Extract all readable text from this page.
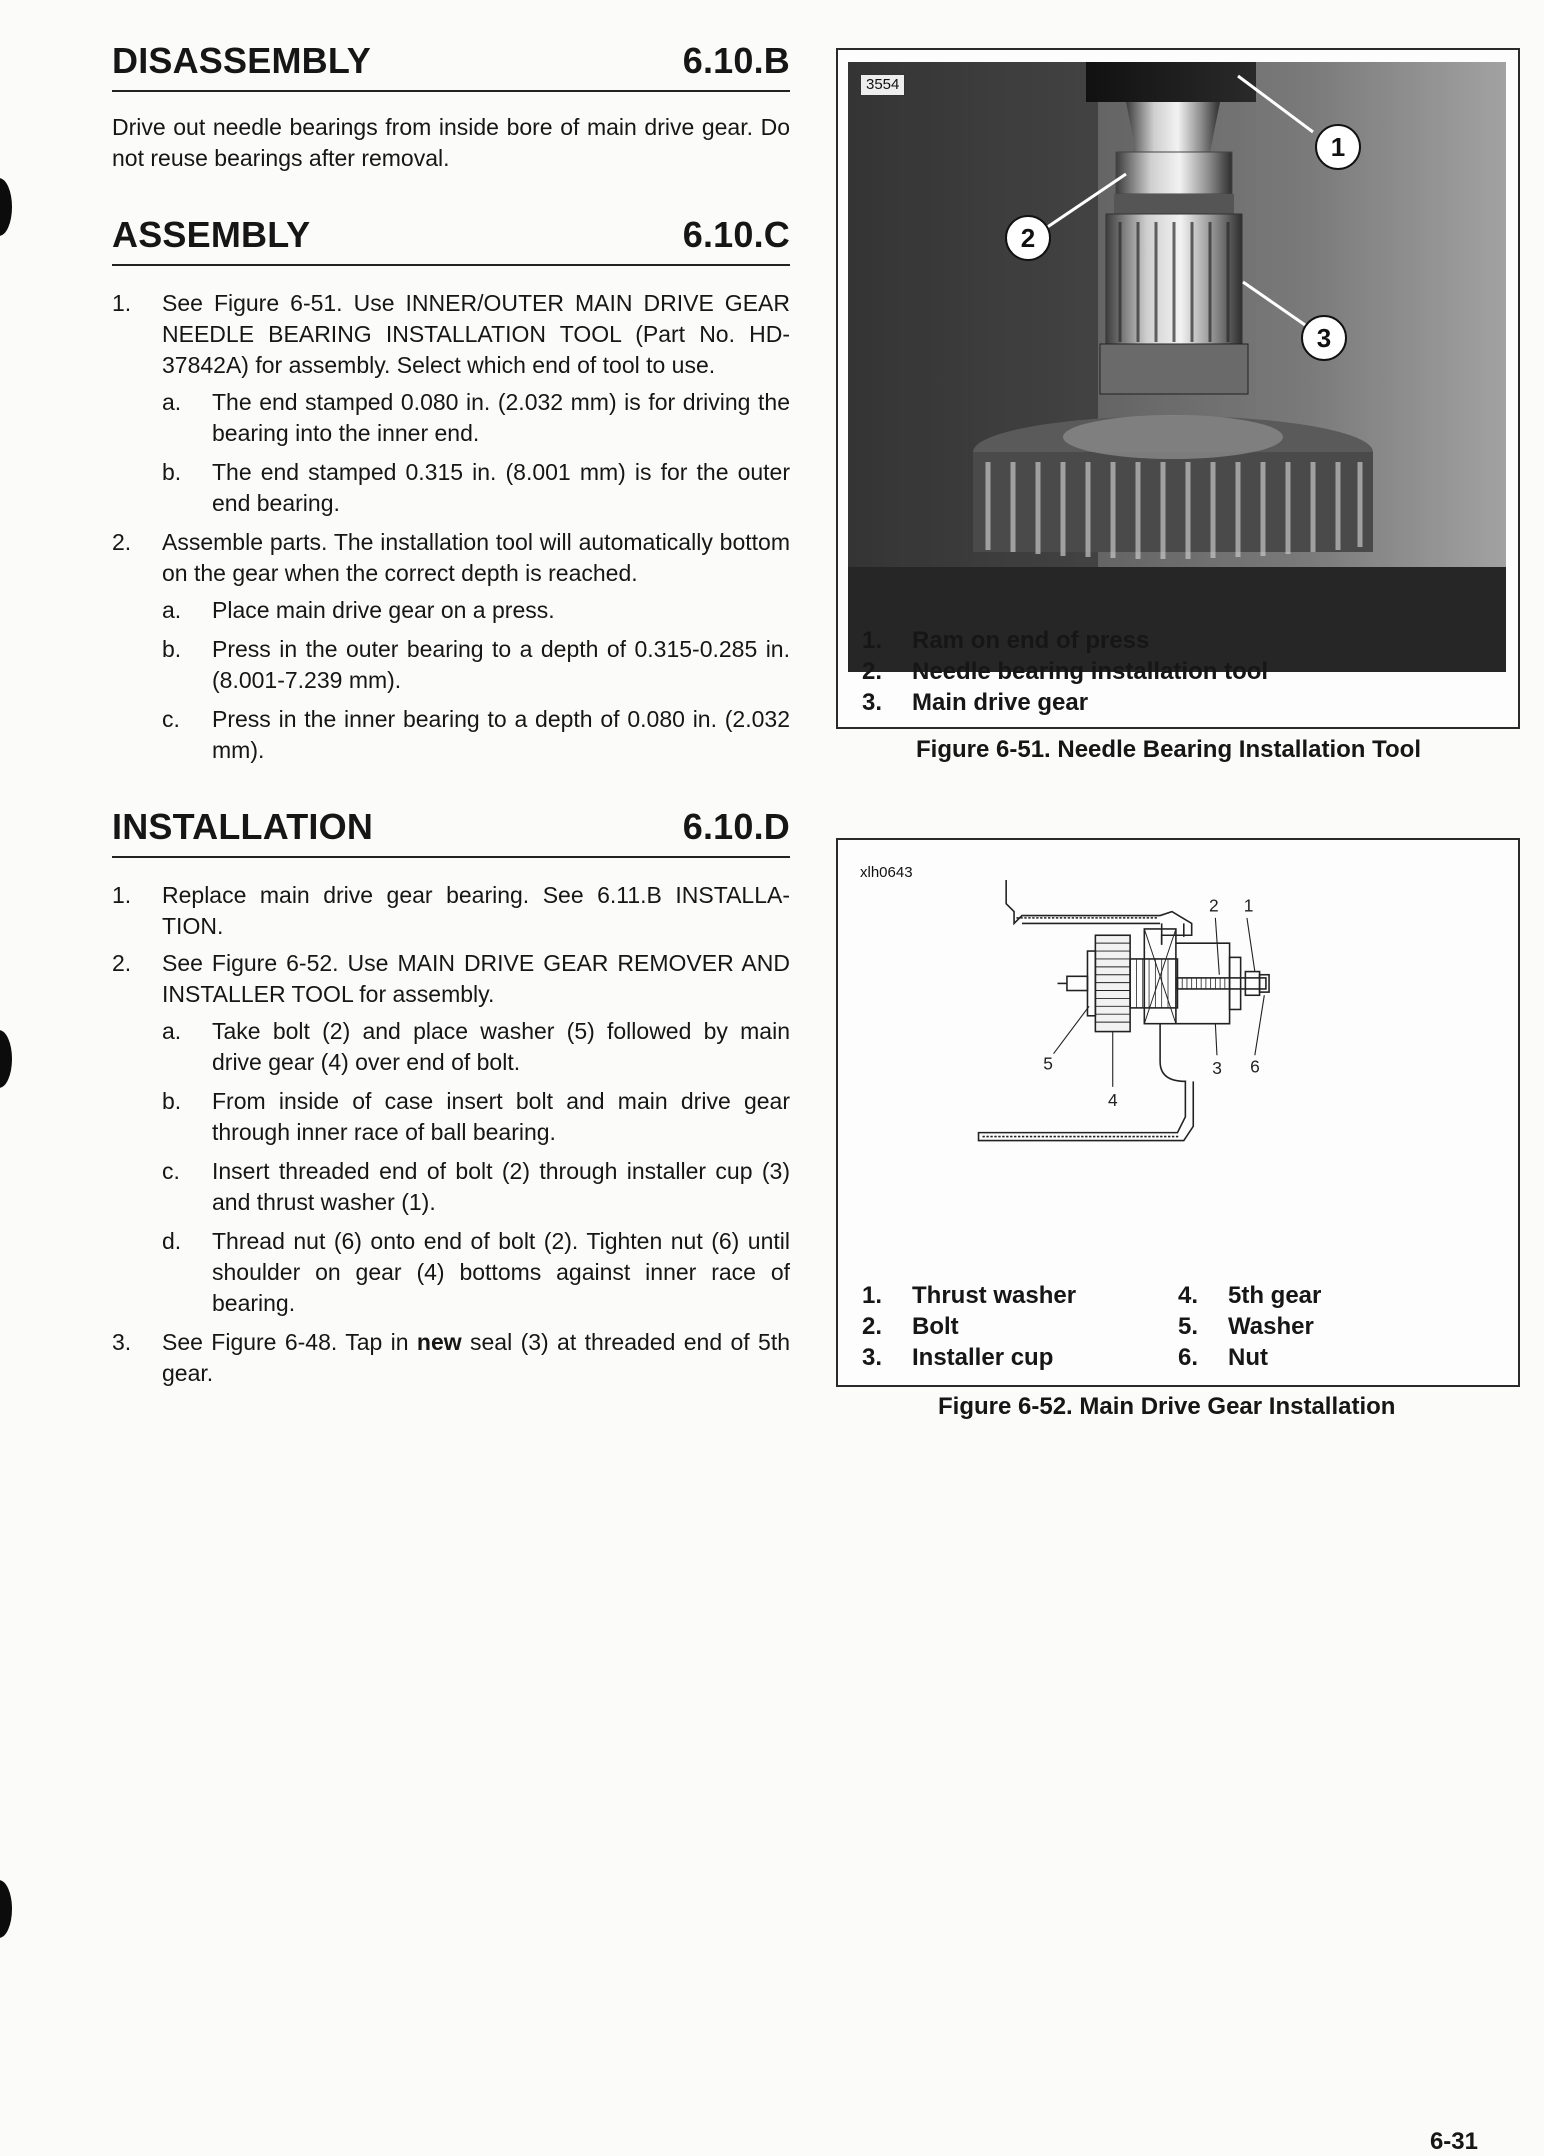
DISASSEMBLY	6.10.B

Drive out needle bearings from inside bore of main drive gear. Do not reuse bearings after removal.

ASSEMBLY	6.10.C
1. See Figure 6-51. Use INNER/OUTER MAIN DRIVE GEAR NEEDLE BEARING INSTALLATION TOOL (Part No. HD-37842A) for assembly. Select which end of tool to use.
a. The end stamped 0.080 in. (2.032 mm) is for driving the bearing into the inner end.
b. The end stamped 0.315 in. (8.001 mm) is for the outer end bearing.
2. Assemble parts. The installation tool will automatically bottom on the gear when the correct depth is reached.
a. Place main drive gear on a press.
b. Press in the outer bearing to a depth of 0.315-0.285 in. (8.001-7.239 mm).
c. Press in the inner bearing to a depth of 0.080 in. (2.032 mm).
INSTALLATION	6.10.D
1. Replace main drive gear bearing. See 6.11.B INSTALLA-TION.
2. See Figure 6-52. Use MAIN DRIVE GEAR REMOVER AND INSTALLER TOOL for assembly.
a. Take bolt (2) and place washer (5) followed by main drive gear (4) over end of bolt.
b. From inside of case insert bolt and main drive gear through inner race of ball bearing.
c. Insert threaded end of bolt (2) through installer cup (3) and thrust washer (1).
d. Thread nut (6) onto end of bolt (2). Tighten nut (6) until shoulder on gear (4) bottoms against inner race of bearing.
3. See Figure 6-48. Tap in new seal (3) at threaded end of 5th gear.
1
2
3
3554
1. Ram on end of press
2. Needle bearing installation tool
3. Main drive gear
Figure 6-51. Needle Bearing Installation Tool
xlh0643
2 1
5	3 6
4
1. Thrust washer
2. Bolt
3. Installer cup
4. 5th gear
5. Washer
6. Nut
Figure 6-52. Main Drive Gear Installation
6-31
